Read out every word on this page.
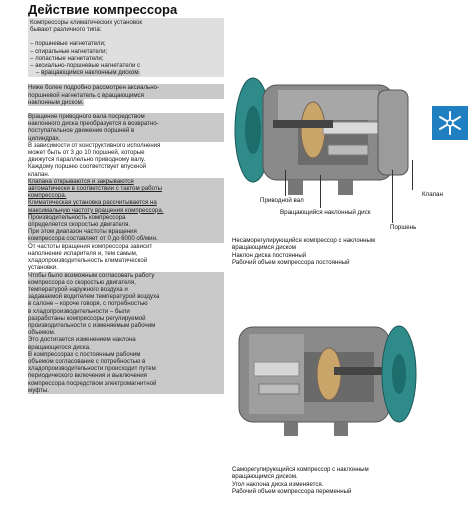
Действие компрессора
Компрессоры климатических установок
бывают различного типа:
– поршневые нагнетатели;
– спиральные нагнетатели;
– лопастные нагнетатели;
– аксиально-поршневые нагнетатели с
– вращающимся наклонным диском.
Ниже более подробно рассмотрен аксиально-
поршневой нагнетатель с вращающимся
наклонным диском.
Вращение приводного вала посредством
наклонного диска преобразуется в возвратно-
поступательное движение поршней в
цилиндрах.
В зависимости от конструктивного исполнения
может быть от 3 до 10 поршней, которые
движутся параллельно приводному валу.
Каждому поршню соответствует впускной
клапан.
Клапана открываются и закрываются
автоматически в соответствии с тактом работы
компрессора.
Климатическая установка рассчитывается на
максимальную частоту вращения компрессора.
Производительность компрессора
определяется скоростью двигателя.
При этом диапазон частоты вращения
компрессора составляет от 0 до 6000 об/мин.
От частоты вращения компрессора зависит
наполнение испарителя и, тем самым,
хладопроизводительность климатической
установки.
Чтобы было возможным согласовать работу
компрессора со скоростью двигателя,
температурой наружного воздуха и
задаваемой водителем температурой воздуха
в салоне – короче говоря, с потребностью
в хладопроизводительности – были
разработаны компрессоры регулируемой
производительности с изменяемым рабочим
объемом.
Это достигается изменением наклона
вращающегося диска.
В компрессорах с постоянным рабочим
объемом согласование с потребностью в
хладопроизводительности происходит путем
периодического включения и выключения
компрессора посредством электромагнитной
муфты.
Приводной вал
Клапан
Вращающийся наклонный диск
Поршень
Несаморегулирующийся компрессор с наклонным
вращающимся диском
Наклон диска постоянный
Рабочий объем компрессора постоянный
Саморегулирующийся компрессор с наклонным
вращающимся диском.
Угол наклона диска изменяется.
Рабочий объем компрессора переменный
